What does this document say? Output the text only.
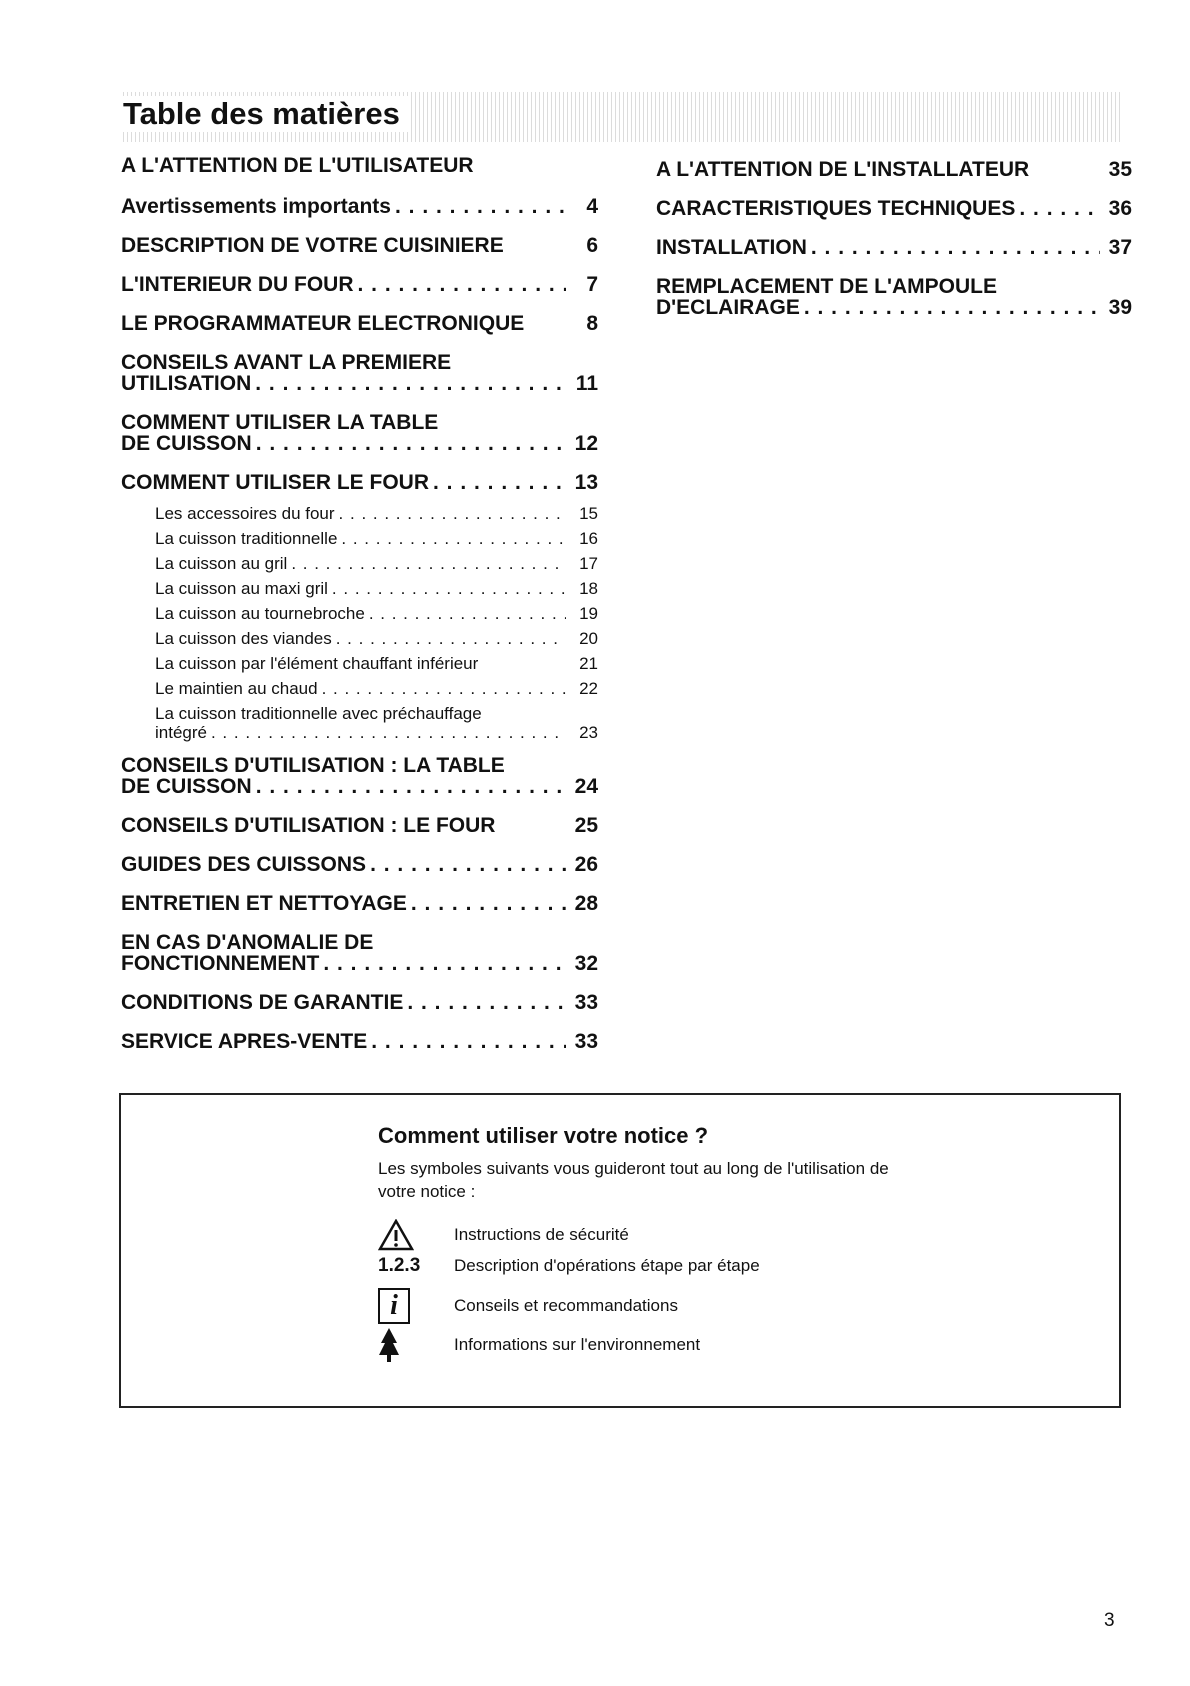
Table des matières
A L'ATTENTION DE L'UTILISATEUR
Avertissements importants . . .	4
DESCRIPTION DE VOTRE CUISINIERE	6
L'INTERIEUR DU FOUR . . .	7
LE PROGRAMMATEUR ELECTRONIQUE	8
CONSEILS AVANT LA PREMIERE
UTILISATION . . .	11
COMMENT UTILISER LA TABLE
DE CUISSON . . .	12
COMMENT UTILISER LE FOUR . . .	13
Les accessoires du four . . .	15
La cuisson traditionnelle . . .	16
La cuisson au gril . . .	17
La cuisson au maxi gril . . .	18
La cuisson au tournebroche . . .	19
La cuisson des viandes . . .	20
La cuisson par l'élément chauffant inférieur	21
Le maintien au chaud . . .	22
La cuisson traditionnelle avec préchauffage
intégré . . .	23
CONSEILS D'UTILISATION : LA TABLE
DE CUISSON . . .	24
CONSEILS D'UTILISATION : LE FOUR	25
GUIDES DES CUISSONS . . .	26
ENTRETIEN ET NETTOYAGE . . .	28
EN CAS D'ANOMALIE DE
FONCTIONNEMENT . . .	32
CONDITIONS DE GARANTIE . . .	33
SERVICE APRES-VENTE . . .	33
A L'ATTENTION DE L'INSTALLATEUR	35
CARACTERISTIQUES TECHNIQUES . . .	36
INSTALLATION . . .	37
REMPLACEMENT DE L'AMPOULE
D'ECLAIRAGE . . .	39
Comment utiliser votre notice ?

Les symboles suivants vous guideront tout au long de l'utilisation de votre notice :

Instructions de sécurité
1.2.3	Description d'opérations étape par étape
i	Conseils et recommandations
Informations sur l'environnement
3
